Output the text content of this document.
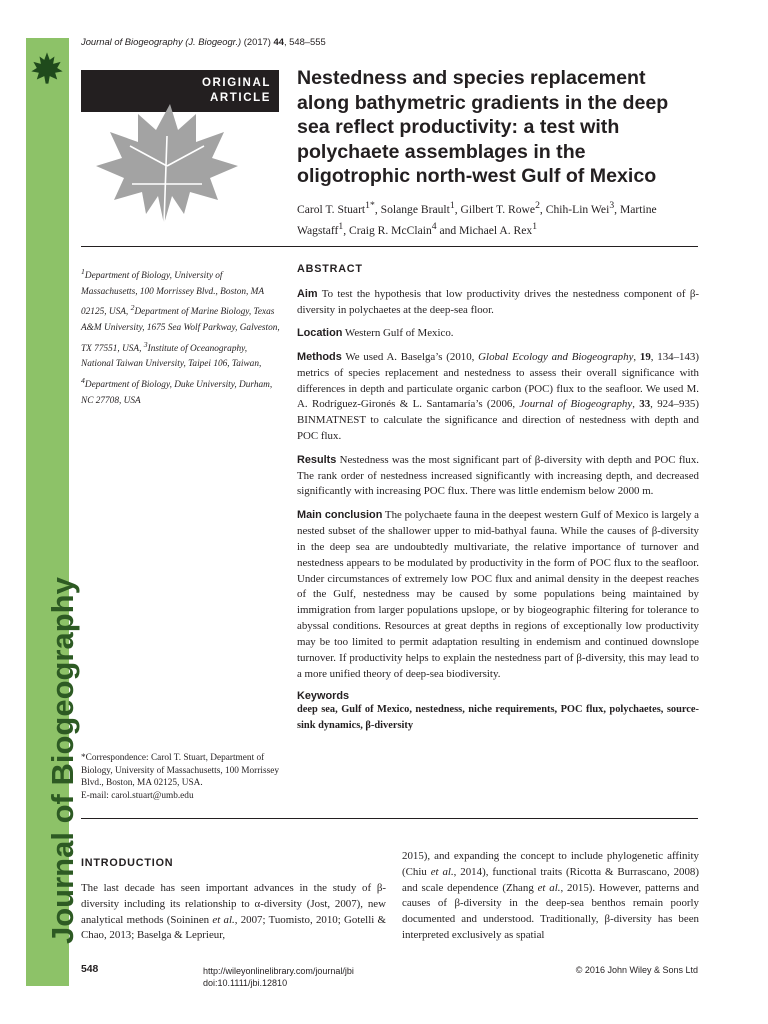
Journal of Biogeography
Journal of Biogeography (J. Biogeogr.) (2017) 44, 548–555
ORIGINAL
ARTICLE
Nestedness and species replacement along bathymetric gradients in the deep sea reflect productivity: a test with polychaete assemblages in the oligotrophic north-west Gulf of Mexico
Carol T. Stuart$^{1*}$, Solange Brault$^1$, Gilbert T. Rowe$^2$, Chih-Lin Wei$^3$, Martine Wagstaff$^1$, Craig R. McClain$^4$ and Michael A. Rex$^1$
$^1$Department of Biology, University of Massachusetts, 100 Morrissey Blvd., Boston, MA 02125, USA, $^2$Department of Marine Biology, Texas A&M University, 1675 Sea Wolf Parkway, Galveston, TX 77551, USA, $^3$Institute of Oceanography, National Taiwan University, Taipei 106, Taiwan, $^4$Department of Biology, Duke University, Durham, NC 27708, USA
*Correspondence: Carol T. Stuart, Department of Biology, University of Massachusetts, 100 Morrissey Blvd., Boston, MA 02125, USA.
E-mail: carol.stuart@umb.edu
ABSTRACT

Aim To test the hypothesis that low productivity drives the nestedness component of β-diversity in polychaetes at the deep-sea floor.

Location Western Gulf of Mexico.

Methods We used A. Baselga’s (2010, Global Ecology and Biogeography, 19, 134–143) metrics of species replacement and nestedness to assess their overall significance with differences in depth and particulate organic carbon (POC) flux to the seafloor. We used M. A. Rodríguez-Gironés & L. Santamaría’s (2006, Journal of Biogeography, 33, 924–935) BINMATNEST to calculate the significance and direction of nestedness with depth and POC flux.

Results Nestedness was the most significant part of β-diversity with depth and POC flux. The rank order of nestedness increased significantly with increasing depth, and decreased significantly with increasing POC flux. There was little endemism below 2000 m.

Main conclusion The polychaete fauna in the deepest western Gulf of Mexico is largely a nested subset of the shallower upper to mid-bathyal fauna. While the causes of β-diversity in the deep sea are undoubtedly multivariate, the relative importance of turnover and nestedness appears to be modulated by productivity in the form of POC flux to the seafloor. Under circumstances of extremely low POC flux and animal density in the deepest reaches of the Gulf, nestedness may be caused by some populations being maintained by immigration from larger populations upslope, or by biogeographic filtering for tolerance to abyssal conditions. Resources at great depths in regions of exceptionally low productivity may be too limited to permit adaptation resulting in endemism and continued downslope turnover. If productivity helps to explain the nestedness part of β-diversity, this may lead to a more unified theory of deep-sea biodiversity.

Keywords
deep sea, Gulf of Mexico, nestedness, niche requirements, POC flux, polychaetes, source-sink dynamics, β-diversity
INTRODUCTION
The last decade has seen important advances in the study of β-diversity including its relationship to α-diversity (Jost, 2007), new analytical methods (Soininen et al., 2007; Tuomisto, 2010; Gotelli & Chao, 2013; Baselga & Leprieur,
2015), and expanding the concept to include phylogenetic affinity (Chiu et al., 2014), functional traits (Ricotta & Burrascano, 2008) and scale dependence (Zhang et al., 2015). However, patterns and causes of β-diversity in the deep-sea benthos remain poorly documented and understood. Traditionally, β-diversity has been interpreted exclusively as spatial
548	http://wileyonlinelibrary.com/journal/jbi
doi:10.1111/jbi.12810
© 2016 John Wiley & Sons Ltd
